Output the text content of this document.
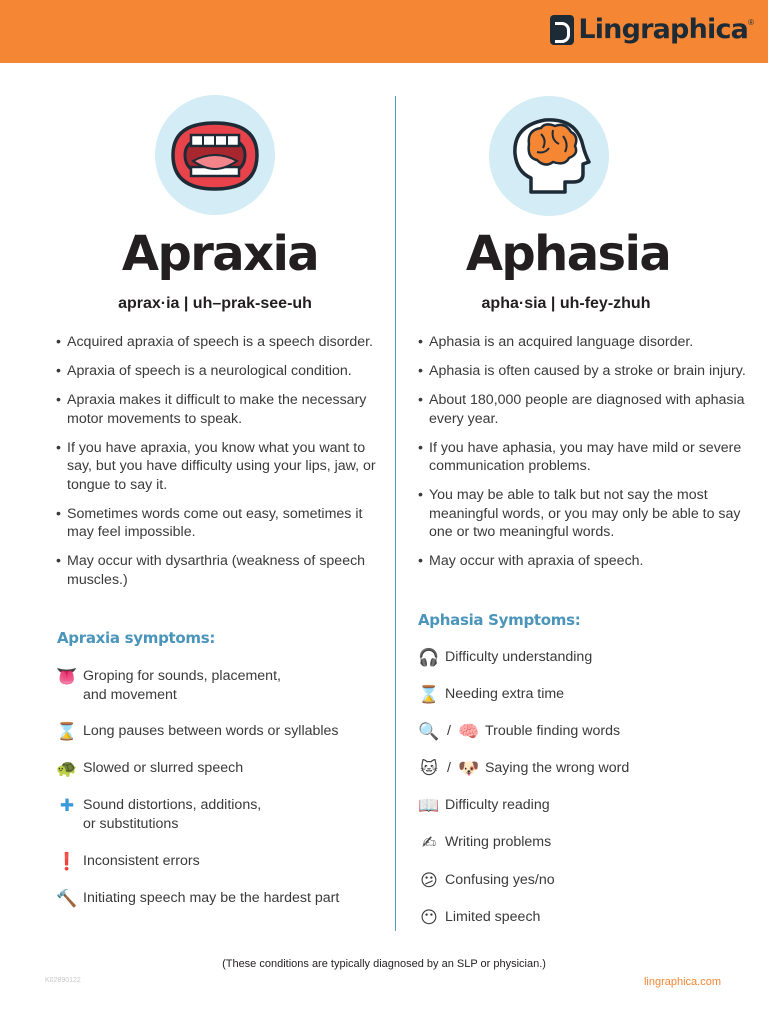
Lingraphica ®
Apraxia
aprax·ia | uh–prak-see-uh
• Acquired apraxia of speech is a speech disorder.
• Apraxia of speech is a neurological condition.
• Apraxia makes it difficult to make the necessary motor movements to speak.
• If you have apraxia, you know what you want to say, but you have difficulty using your lips, jaw, or tongue to say it.
• Sometimes words come out easy, sometimes it may feel impossible.
• May occur with dysarthria (weakness of speech muscles.)
Apraxia symptoms:
👅 Groping for sounds, placement,
and movement
⌛ Long pauses between words or syllables
🐢 Slowed or slurred speech
✚ Sound distortions, additions,
or substitutions
❗ Inconsistent errors
🔨 Initiating speech may be the hardest part
Aphasia
apha·sia | uh-fey-zhuh
• Aphasia is an acquired language disorder.
• Aphasia is often caused by a stroke or brain injury.
• About 180,000 people are diagnosed with aphasia every year.
• If you have aphasia, you may have mild or severe communication problems.
• You may be able to talk but not say the most meaningful words, or you may only be able to say one or two meaningful words.
• May occur with apraxia of speech.
Aphasia Symptoms:
🎧 Difficulty understanding
⌛ Needing extra time
🔍 / 🧠 Trouble finding words
🐱 / 🐶 Saying the wrong word
📖 Difficulty reading
✍ Writing problems
😕 Confusing yes/no
😶 Limited speech
(These conditions are typically diagnosed by an SLP or physician.)
K02890122	lingraphica.com
